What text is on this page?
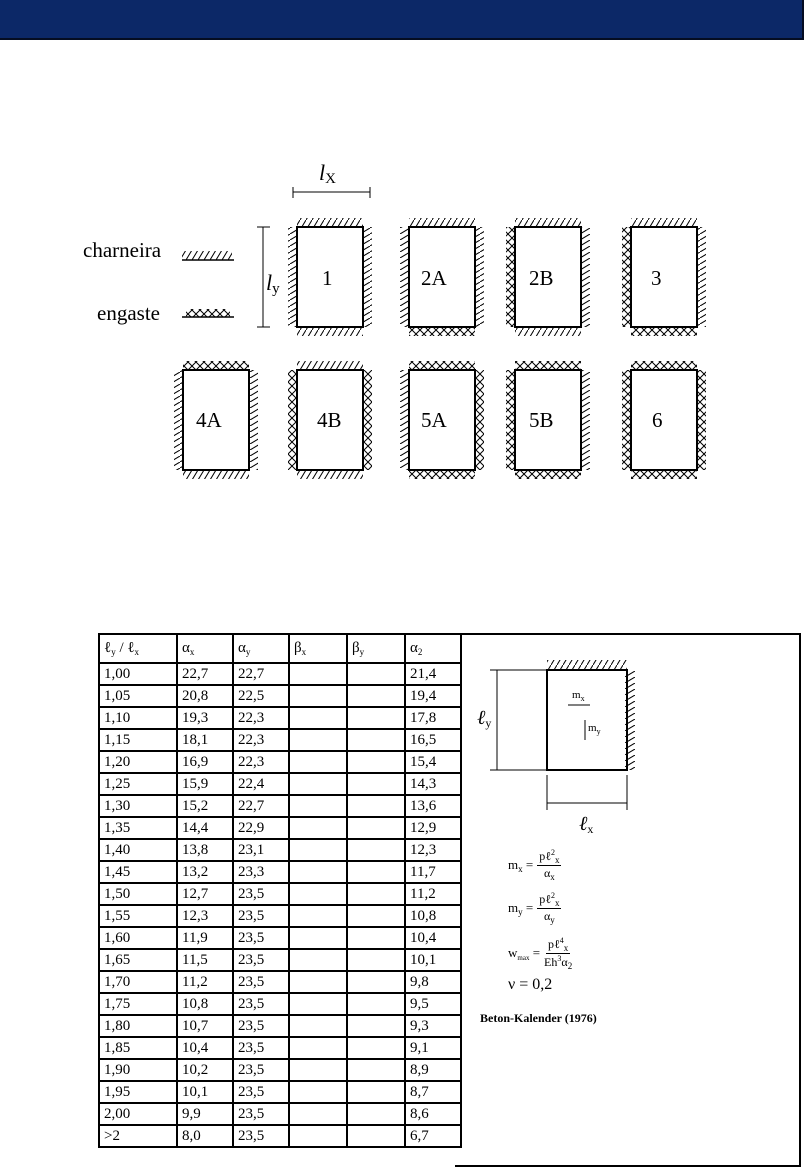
lX
ly
charneira
engaste
1	2A	2B	3
4A	4B	5A	5B	6
ℓ$_y$ / ℓ$_x$	$\alpha_x$	$\alpha_y$	$\beta_x$	$\beta_y$	$\alpha_2$
1,00	22,7	22,7			21,4
1,05	20,8	22,5			19,4
1,10	19,3	22,3			17,8
1,15	18,1	22,3			16,5
1,20	16,9	22,3			15,4
1,25	15,9	22,4			14,3
1,30	15,2	22,7			13,6
1,35	14,4	22,9			12,9
1,40	13,8	23,1			12,3
1,45	13,2	23,3			11,7
1,50	12,7	23,5			11,2
1,55	12,3	23,5			10,8
1,60	11,9	23,5			10,4
1,65	11,5	23,5			10,1
1,70	11,2	23,5			9,8
1,75	10,8	23,5			9,5
1,80	10,7	23,5			9,3
1,85	10,4	23,5			9,1
1,90	10,2	23,5			8,9
1,95	10,1	23,5			8,7
2,00	9,9	23,5			8,6
>2	8,0	23,5			6,7
ℓ$_y$
ℓ$_x$
$m_x$
$m_y$
$m_x = \frac{p\ell^2_x}{\alpha_x}$
$m_y = \frac{p\ell^2_x}{\alpha_y}$
$w_{max} = \frac{p\ell^4_x}{Eh^3\alpha_2}$
ν = 0,2
Beton-Kalender (1976)
